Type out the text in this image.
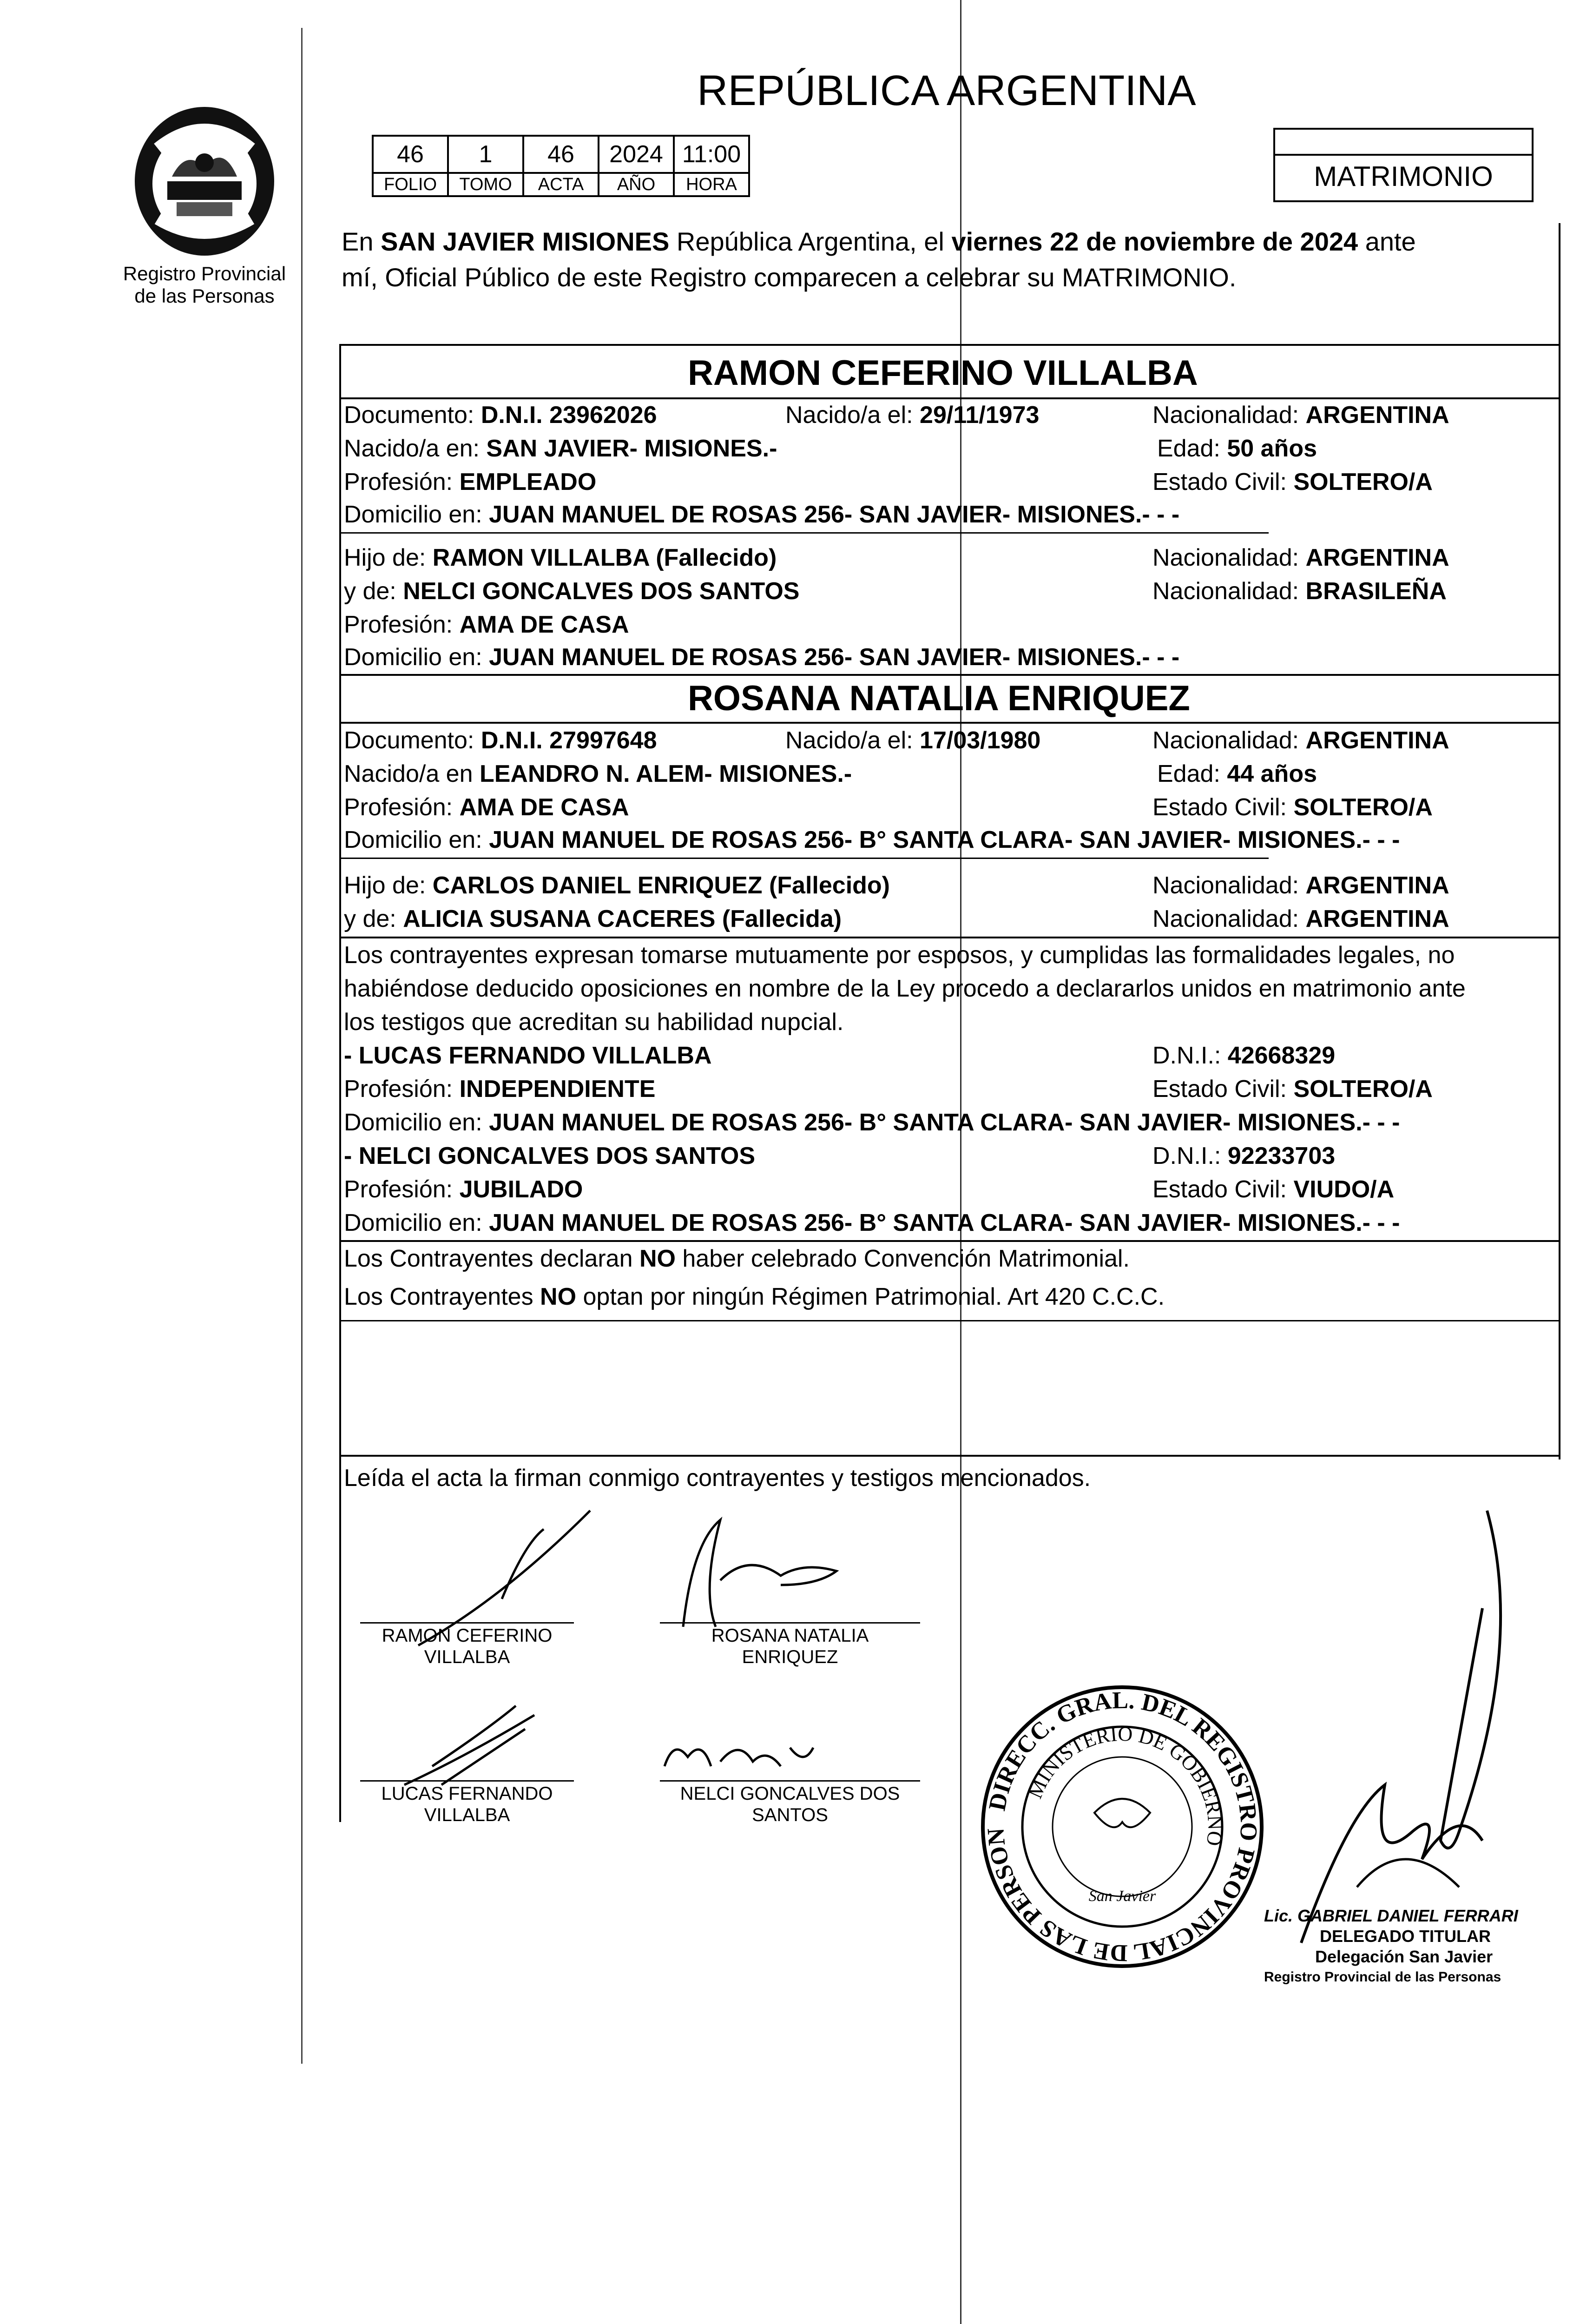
Registro Provincial
de las Personas
REPÚBLICA ARGENTINA
MATRIMONIO
46	1	46	2024	11:00
FOLIO	TOMO	ACTA	AÑO	HORA
En SAN JAVIER MISIONES República Argentina, el viernes 22 de noviembre de 2024 ante
mí, Oficial Público de este Registro comparecen a celebrar su MATRIMONIO.
RAMON CEFERINO VILLALBA
Documento: D.N.I. 23962026	Nacido/a el: 29/11/1973	Nacionalidad: ARGENTINA
Nacido/a en: SAN JAVIER- MISIONES.-	Edad: 50 años
Profesión: EMPLEADO	Estado Civil: SOLTERO/A
Domicilio en: JUAN MANUEL DE ROSAS 256- SAN JAVIER- MISIONES.- - -
Hijo de: RAMON VILLALBA (Fallecido)	Nacionalidad: ARGENTINA
y de: NELCI GONCALVES DOS SANTOS	Nacionalidad: BRASILEÑA
Profesión: AMA DE CASA
Domicilio en: JUAN MANUEL DE ROSAS 256- SAN JAVIER- MISIONES.- - -
ROSANA NATALIA ENRIQUEZ
Documento: D.N.I. 27997648	Nacido/a el: 17/03/1980	Nacionalidad: ARGENTINA
Nacido/a en LEANDRO N. ALEM- MISIONES.-	Edad: 44 años
Profesión: AMA DE CASA	Estado Civil: SOLTERO/A
Domicilio en: JUAN MANUEL DE ROSAS 256- B° SANTA CLARA- SAN JAVIER- MISIONES.- - -
Hijo de: CARLOS DANIEL ENRIQUEZ (Fallecido)	Nacionalidad: ARGENTINA
y de: ALICIA SUSANA CACERES (Fallecida)	Nacionalidad: ARGENTINA
Los contrayentes expresan tomarse mutuamente por esposos, y cumplidas las formalidades legales, no
habiéndose deducido oposiciones en nombre de la Ley procedo a declararlos unidos en matrimonio ante
los testigos que acreditan su habilidad nupcial.
- LUCAS FERNANDO VILLALBA	D.N.I.: 42668329
Profesión: INDEPENDIENTE	Estado Civil: SOLTERO/A
Domicilio en: JUAN MANUEL DE ROSAS 256- B° SANTA CLARA- SAN JAVIER- MISIONES.- - -
- NELCI GONCALVES DOS SANTOS	D.N.I.: 92233703
Profesión: JUBILADO	Estado Civil: VIUDO/A
Domicilio en: JUAN MANUEL DE ROSAS 256- B° SANTA CLARA- SAN JAVIER- MISIONES.- - -
Los Contrayentes declaran NO haber celebrado Convención Matrimonial.
Los Contrayentes NO optan por ningún Régimen Patrimonial. Art 420 C.C.C.
Leída el acta la firman conmigo contrayentes y testigos mencionados.
RAMON CEFERINO
VILLALBA
ROSANA NATALIA
ENRIQUEZ
LUCAS FERNANDO
VILLALBA
NELCI GONCALVES DOS
SANTOS
DIRECC. GRAL. DEL REGISTRO PROVINCIAL DE LAS PERSON
MINISTERIO DE GOBIERNO
San Javier
Lic. GABRIEL DANIEL FERRARI
DELEGADO TITULAR
Delegación San Javier
Registro Provincial de las Personas
